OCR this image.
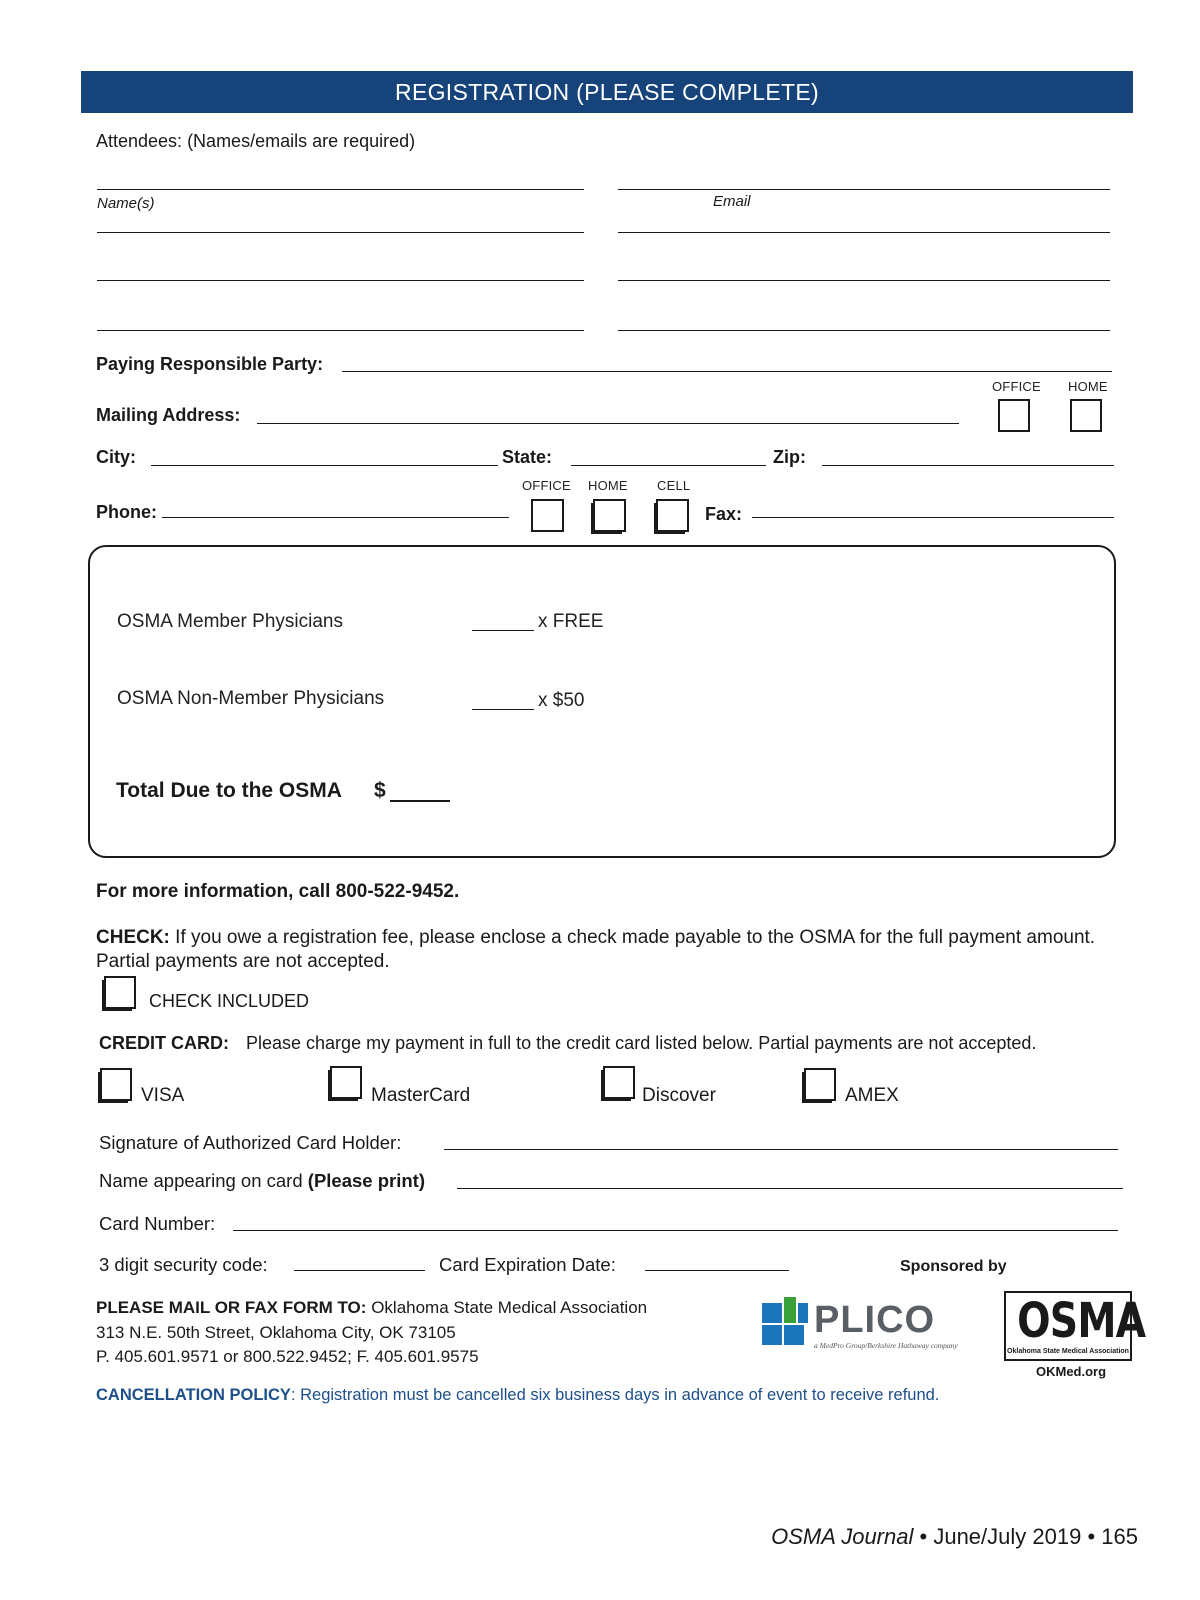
REGISTRATION (PLEASE COMPLETE)
Attendees: (Names/emails are required)
Name(s)	Email
Paying Responsible Party:
OFFICE HOME
Mailing Address:
City:	State:	Zip:
OFFICE HOME CELL
Phone:	Fax:
OSMA Member Physicians	x FREE
OSMA Non-Member Physicians	x $50
Total Due to the OSMA $
For more information, call 800-522-9452.
CHECK: If you owe a registration fee, please enclose a check made payable to the OSMA for the full payment amount.
Partial payments are not accepted.
CHECK INCLUDED
CREDIT CARD: Please charge my payment in full to the credit card listed below. Partial payments are not accepted.
VISA	MasterCard	Discover	AMEX
Signature of Authorized Card Holder:
Name appearing on card (Please print)
Card Number:
3 digit security code:	Card Expiration Date:
PLEASE MAIL OR FAX FORM TO: Oklahoma State Medical Association
313 N.E. 50th Street, Oklahoma City, OK 73105
P. 405.601.9571 or 800.522.9452; F. 405.601.9575
CANCELLATION POLICY: Registration must be cancelled six business days in advance of event to receive refund.
Sponsored by
PLICO
a MedPro Group/Berkshire Hathaway company OSMA
Oklahoma State Medical Association
OKMed.org
OSMA Journal • June/July 2019 • 165
